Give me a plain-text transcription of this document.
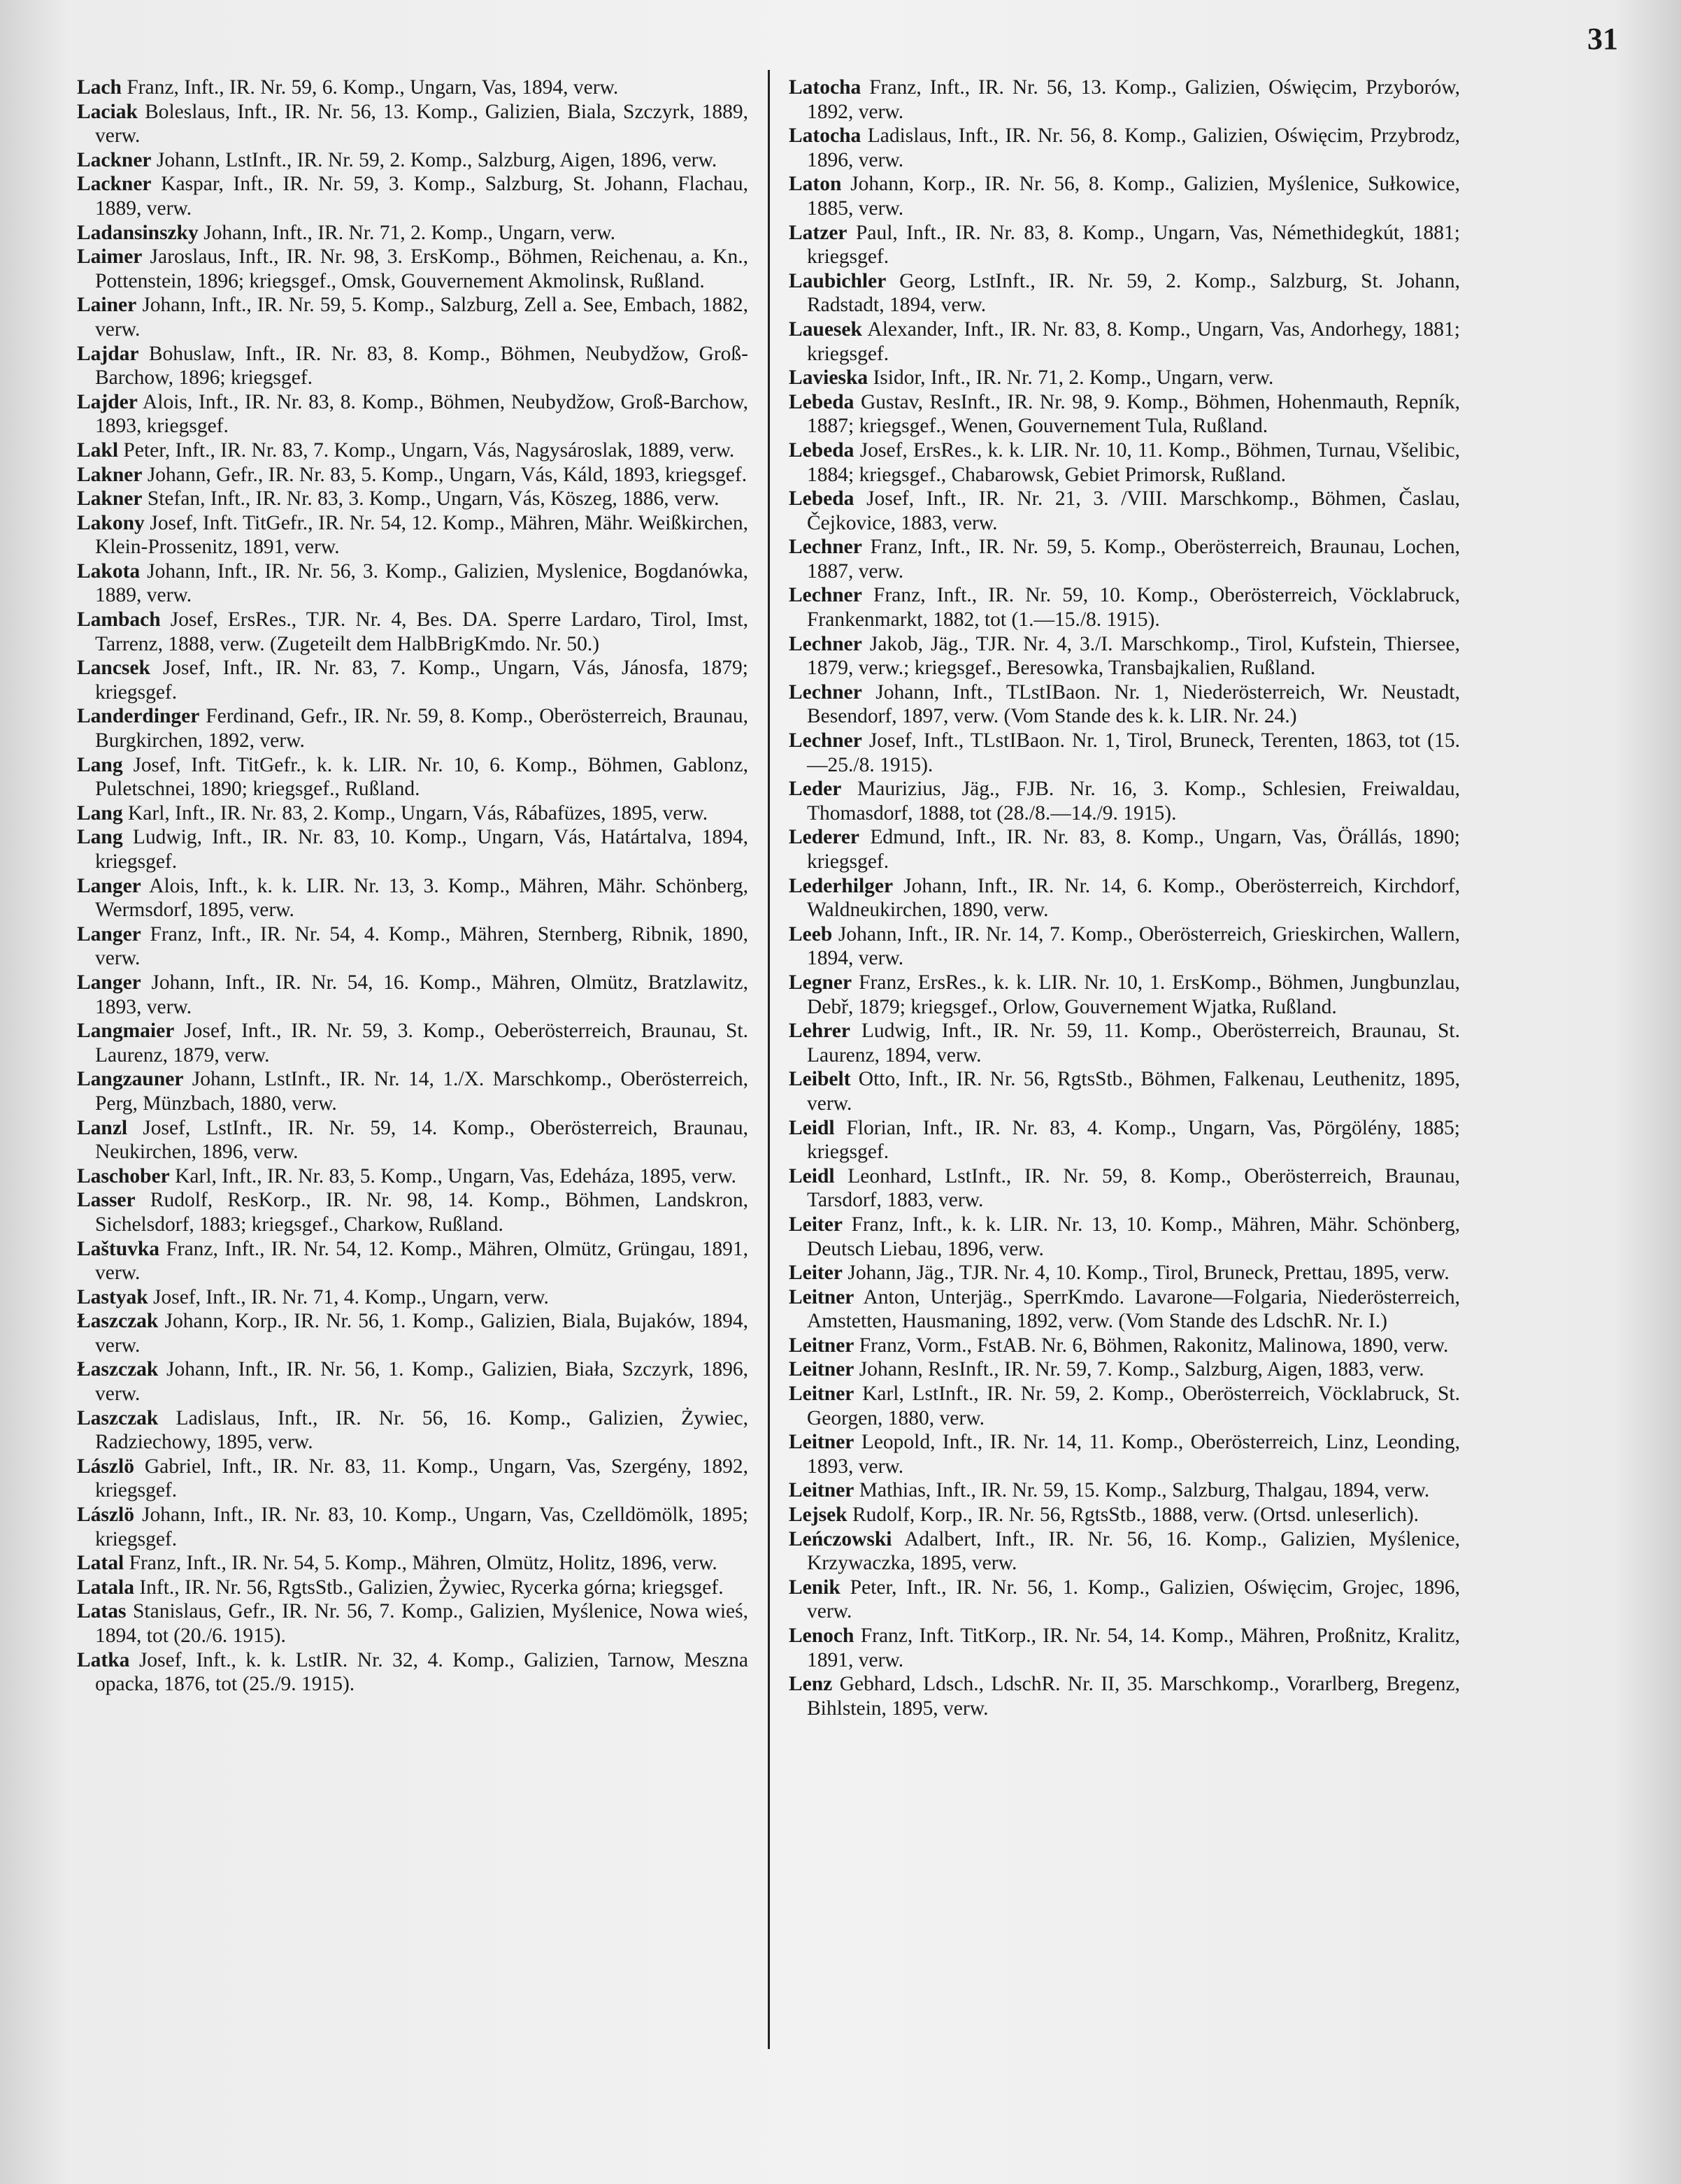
31

Lach Franz, Inft., IR. Nr. 59, 6. Komp., Ungarn, Vas, 1894, verw.

Laciak Boleslaus, Inft., IR. Nr. 56, 13. Komp., Galizien, Biala, Szczyrk, 1889, verw.

Lackner Johann, LstInft., IR. Nr. 59, 2. Komp., Salzburg, Aigen, 1896, verw.

Lackner Kaspar, Inft., IR. Nr. 59, 3. Komp., Salzburg, St. Johann, Flachau, 1889, verw.

Ladansinszky Johann, Inft., IR. Nr. 71, 2. Komp., Ungarn, verw.

Laimer Jaroslaus, Inft., IR. Nr. 98, 3. ErsKomp., Böhmen, Reichenau, a. Kn., Pottenstein, 1896; kriegsgef., Omsk, Gouvernement Akmolinsk, Rußland.

Lainer Johann, Inft., IR. Nr. 59, 5. Komp., Salzburg, Zell a. See, Embach, 1882, verw.

Lajdar Bohuslaw, Inft., IR. Nr. 83, 8. Komp., Böhmen, Neubydžow, Groß-Barchow, 1896; kriegsgef.

Lajder Alois, Inft., IR. Nr. 83, 8. Komp., Böhmen, Neubydžow, Groß-Barchow, 1893, kriegsgef.

Lakl Peter, Inft., IR. Nr. 83, 7. Komp., Ungarn, Vás, Nagysároslak, 1889, verw.

Lakner Johann, Gefr., IR. Nr. 83, 5. Komp., Ungarn, Vás, Káld, 1893, kriegsgef.

Lakner Stefan, Inft., IR. Nr. 83, 3. Komp., Ungarn, Vás, Köszeg, 1886, verw.

Lakony Josef, Inft. TitGefr., IR. Nr. 54, 12. Komp., Mähren, Mähr. Weißkirchen, Klein-Prossenitz, 1891, verw.

Lakota Johann, Inft., IR. Nr. 56, 3. Komp., Galizien, Myslenice, Bogdanówka, 1889, verw.

Lambach Josef, ErsRes., TJR. Nr. 4, Bes. DA. Sperre Lardaro, Tirol, Imst, Tarrenz, 1888, verw. (Zugeteilt dem HalbBrigKmdo. Nr. 50.)

Lancsek Josef, Inft., IR. Nr. 83, 7. Komp., Ungarn, Vás, Jánosfa, 1879; kriegsgef.

Landerdinger Ferdinand, Gefr., IR. Nr. 59, 8. Komp., Oberösterreich, Braunau, Burgkirchen, 1892, verw.

Lang Josef, Inft. TitGefr., k. k. LIR. Nr. 10, 6. Komp., Böhmen, Gablonz, Puletschnei, 1890; kriegsgef., Rußland.

Lang Karl, Inft., IR. Nr. 83, 2. Komp., Ungarn, Vás, Rábafüzes, 1895, verw.

Lang Ludwig, Inft., IR. Nr. 83, 10. Komp., Ungarn, Vás, Határtalva, 1894, kriegsgef.

Langer Alois, Inft., k. k. LIR. Nr. 13, 3. Komp., Mähren, Mähr. Schönberg, Wermsdorf, 1895, verw.

Langer Franz, Inft., IR. Nr. 54, 4. Komp., Mähren, Sternberg, Ribnik, 1890, verw.

Langer Johann, Inft., IR. Nr. 54, 16. Komp., Mähren, Olmütz, Bratzlawitz, 1893, verw.

Langmaier Josef, Inft., IR. Nr. 59, 3. Komp., Oeberösterreich, Braunau, St. Laurenz, 1879, verw.

Langzauner Johann, LstInft., IR. Nr. 14, 1./X. Marschkomp., Oberösterreich, Perg, Münzbach, 1880, verw.

Lanzl Josef, LstInft., IR. Nr. 59, 14. Komp., Oberösterreich, Braunau, Neukirchen, 1896, verw.

Laschober Karl, Inft., IR. Nr. 83, 5. Komp., Ungarn, Vas, Edeháza, 1895, verw.

Lasser Rudolf, ResKorp., IR. Nr. 98, 14. Komp., Böhmen, Landskron, Sichelsdorf, 1883; kriegsgef., Charkow, Rußland.

Laštuvka Franz, Inft., IR. Nr. 54, 12. Komp., Mähren, Olmütz, Grüngau, 1891, verw.

Lastyak Josef, Inft., IR. Nr. 71, 4. Komp., Ungarn, verw.

Łaszczak Johann, Korp., IR. Nr. 56, 1. Komp., Galizien, Biala, Bujaków, 1894, verw.

Łaszczak Johann, Inft., IR. Nr. 56, 1. Komp., Galizien, Biała, Szczyrk, 1896, verw.

Laszczak Ladislaus, Inft., IR. Nr. 56, 16. Komp., Galizien, Żywiec, Radziechowy, 1895, verw.

Lászlö Gabriel, Inft., IR. Nr. 83, 11. Komp., Ungarn, Vas, Szergény, 1892, kriegsgef.

Lászlö Johann, Inft., IR. Nr. 83, 10. Komp., Ungarn, Vas, Czelldömölk, 1895; kriegsgef.

Latal Franz, Inft., IR. Nr. 54, 5. Komp., Mähren, Olmütz, Holitz, 1896, verw.

Latala Inft., IR. Nr. 56, RgtsStb., Galizien, Żywiec, Rycerka górna; kriegsgef.

Latas Stanislaus, Gefr., IR. Nr. 56, 7. Komp., Galizien, Myślenice, Nowa wieś, 1894, tot (20./6. 1915).

Latka Josef, Inft., k. k. LstIR. Nr. 32, 4. Komp., Galizien, Tarnow, Meszna opacka, 1876, tot (25./9. 1915).

Latocha Franz, Inft., IR. Nr. 56, 13. Komp., Galizien, Oświęcim, Przyborów, 1892, verw.

Latocha Ladislaus, Inft., IR. Nr. 56, 8. Komp., Galizien, Oświęcim, Przybrodz, 1896, verw.

Laton Johann, Korp., IR. Nr. 56, 8. Komp., Galizien, Myślenice, Sułkowice, 1885, verw.

Latzer Paul, Inft., IR. Nr. 83, 8. Komp., Ungarn, Vas, Némethidegkút, 1881; kriegsgef.

Laubichler Georg, LstInft., IR. Nr. 59, 2. Komp., Salzburg, St. Johann, Radstadt, 1894, verw.

Lauesek Alexander, Inft., IR. Nr. 83, 8. Komp., Ungarn, Vas, Andorhegy, 1881; kriegsgef.

Lavieska Isidor, Inft., IR. Nr. 71, 2. Komp., Ungarn, verw.

Lebeda Gustav, ResInft., IR. Nr. 98, 9. Komp., Böhmen, Hohenmauth, Repník, 1887; kriegsgef., Wenen, Gouvernement Tula, Rußland.

Lebeda Josef, ErsRes., k. k. LIR. Nr. 10, 11. Komp., Böhmen, Turnau, Všelibic, 1884; kriegsgef., Chabarowsk, Gebiet Primorsk, Rußland.

Lebeda Josef, Inft., IR. Nr. 21, 3. /VIII. Marschkomp., Böhmen, Časlau, Čejkovice, 1883, verw.

Lechner Franz, Inft., IR. Nr. 59, 5. Komp., Oberösterreich, Braunau, Lochen, 1887, verw.

Lechner Franz, Inft., IR. Nr. 59, 10. Komp., Oberösterreich, Vöcklabruck, Frankenmarkt, 1882, tot (1.—15./8. 1915).

Lechner Jakob, Jäg., TJR. Nr. 4, 3./I. Marschkomp., Tirol, Kufstein, Thiersee, 1879, verw.; kriegsgef., Beresowka, Transbajkalien, Rußland.

Lechner Johann, Inft., TLstIBaon. Nr. 1, Niederösterreich, Wr. Neustadt, Besendorf, 1897, verw. (Vom Stande des k. k. LIR. Nr. 24.)

Lechner Josef, Inft., TLstIBaon. Nr. 1, Tirol, Bruneck, Terenten, 1863, tot (15.—25./8. 1915).

Leder Maurizius, Jäg., FJB. Nr. 16, 3. Komp., Schlesien, Freiwaldau, Thomasdorf, 1888, tot (28./8.—14./9. 1915).

Lederer Edmund, Inft., IR. Nr. 83, 8. Komp., Ungarn, Vas, Örállás, 1890; kriegsgef.

Lederhilger Johann, Inft., IR. Nr. 14, 6. Komp., Oberösterreich, Kirchdorf, Waldneukirchen, 1890, verw.

Leeb Johann, Inft., IR. Nr. 14, 7. Komp., Oberösterreich, Grieskirchen, Wallern, 1894, verw.

Legner Franz, ErsRes., k. k. LIR. Nr. 10, 1. ErsKomp., Böhmen, Jungbunzlau, Debř, 1879; kriegsgef., Orlow, Gouvernement Wjatka, Rußland.

Lehrer Ludwig, Inft., IR. Nr. 59, 11. Komp., Oberösterreich, Braunau, St. Laurenz, 1894, verw.

Leibelt Otto, Inft., IR. Nr. 56, RgtsStb., Böhmen, Falkenau, Leuthenitz, 1895, verw.

Leidl Florian, Inft., IR. Nr. 83, 4. Komp., Ungarn, Vas, Pörgölény, 1885; kriegsgef.

Leidl Leonhard, LstInft., IR. Nr. 59, 8. Komp., Oberösterreich, Braunau, Tarsdorf, 1883, verw.

Leiter Franz, Inft., k. k. LIR. Nr. 13, 10. Komp., Mähren, Mähr. Schönberg, Deutsch Liebau, 1896, verw.

Leiter Johann, Jäg., TJR. Nr. 4, 10. Komp., Tirol, Bruneck, Prettau, 1895, verw.

Leitner Anton, Unterjäg., SperrKmdo. Lavarone—Folgaria, Niederösterreich, Amstetten, Hausmaning, 1892, verw. (Vom Stande des LdschR. Nr. I.)

Leitner Franz, Vorm., FstAB. Nr. 6, Böhmen, Rakonitz, Malinowa, 1890, verw.

Leitner Johann, ResInft., IR. Nr. 59, 7. Komp., Salzburg, Aigen, 1883, verw.

Leitner Karl, LstInft., IR. Nr. 59, 2. Komp., Oberösterreich, Vöcklabruck, St. Georgen, 1880, verw.

Leitner Leopold, Inft., IR. Nr. 14, 11. Komp., Oberösterreich, Linz, Leonding, 1893, verw.

Leitner Mathias, Inft., IR. Nr. 59, 15. Komp., Salzburg, Thalgau, 1894, verw.

Lejsek Rudolf, Korp., IR. Nr. 56, RgtsStb., 1888, verw. (Ortsd. unleserlich).

Leńczowski Adalbert, Inft., IR. Nr. 56, 16. Komp., Galizien, Myślenice, Krzywaczka, 1895, verw.

Lenik Peter, Inft., IR. Nr. 56, 1. Komp., Galizien, Oświęcim, Grojec, 1896, verw.

Lenoch Franz, Inft. TitKorp., IR. Nr. 54, 14. Komp., Mähren, Proßnitz, Kralitz, 1891, verw.

Lenz Gebhard, Ldsch., LdschR. Nr. II, 35. Marschkomp., Vorarlberg, Bregenz, Bihlstein, 1895, verw.
